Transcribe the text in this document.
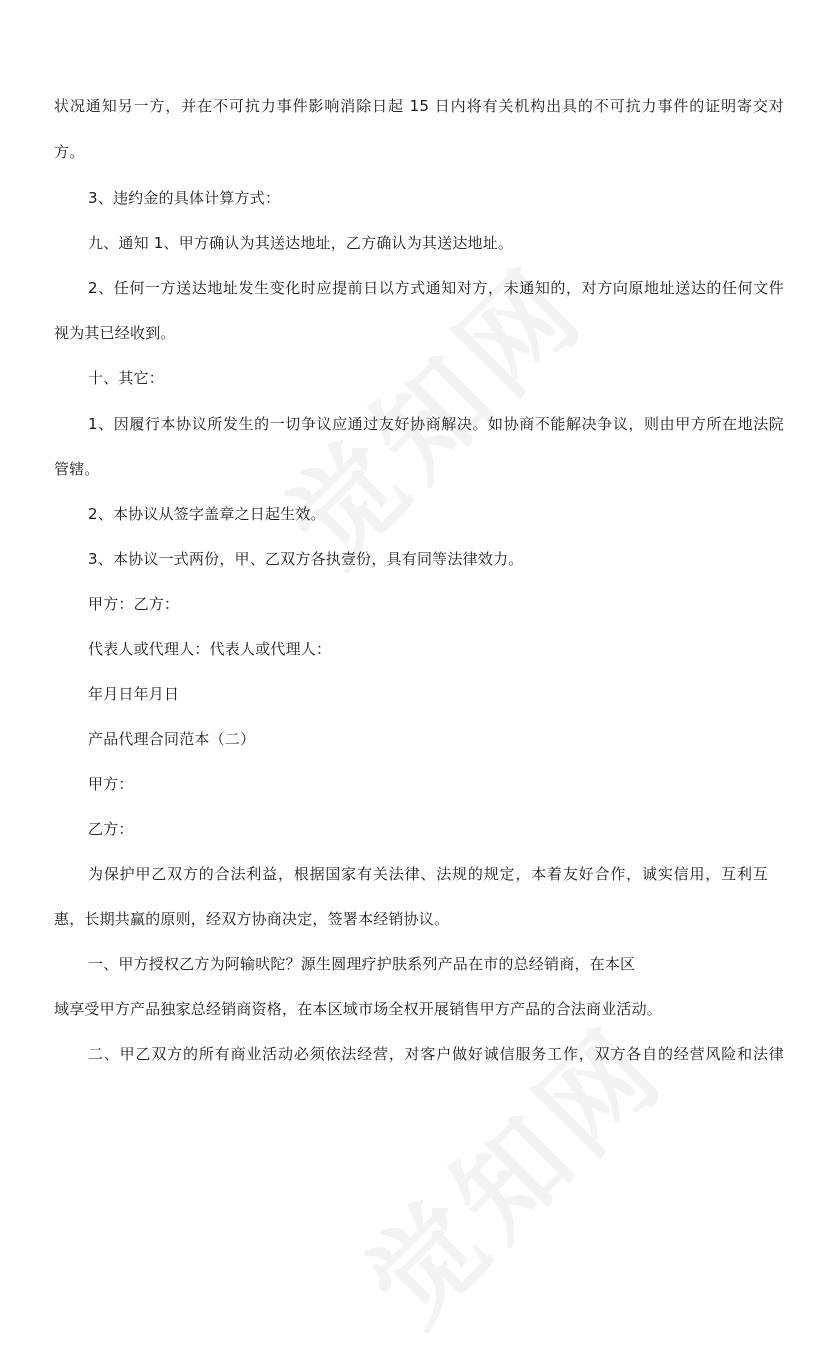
状况通知另一方，并在不可抗力事件影响消除日起 15 日内将有关机构出具的不可抗力事件的证明寄交对
方。
3、违约金的具体计算方式：
九、通知 1、甲方确认为其送达地址，乙方确认为其送达地址。
2、任何一方送达地址发生变化时应提前日以方式通知对方，未通知的，对方向原地址送达的任何文件
视为其已经收到。
十、其它：
1、因履行本协议所发生的一切争议应通过友好协商解决。如协商不能解决争议，则由甲方所在地法院
管辖。
2、本协议从签字盖章之日起生效。
3、本协议一式两份，甲、乙双方各执壹份，具有同等法律效力。
甲方：乙方：
代表人或代理人：代表人或代理人：
年月日年月日
产品代理合同范本（二）
甲方：
乙方：
为保护甲乙双方的合法利益，根据国家有关法律、法规的规定，本着友好合作，诚实信用，互利互
惠，长期共赢的原则，经双方协商决定，签署本经销协议。
一、甲方授权乙方为阿输吠陀？源生圆理疗护肤系列产品在市的总经销商，在本区
域享受甲方产品独家总经销商资格，在本区域市场全权开展销售甲方产品的合法商业活动。
二、甲乙双方的所有商业活动必须依法经营，对客户做好诚信服务工作，双方各自的经营风险和法律
